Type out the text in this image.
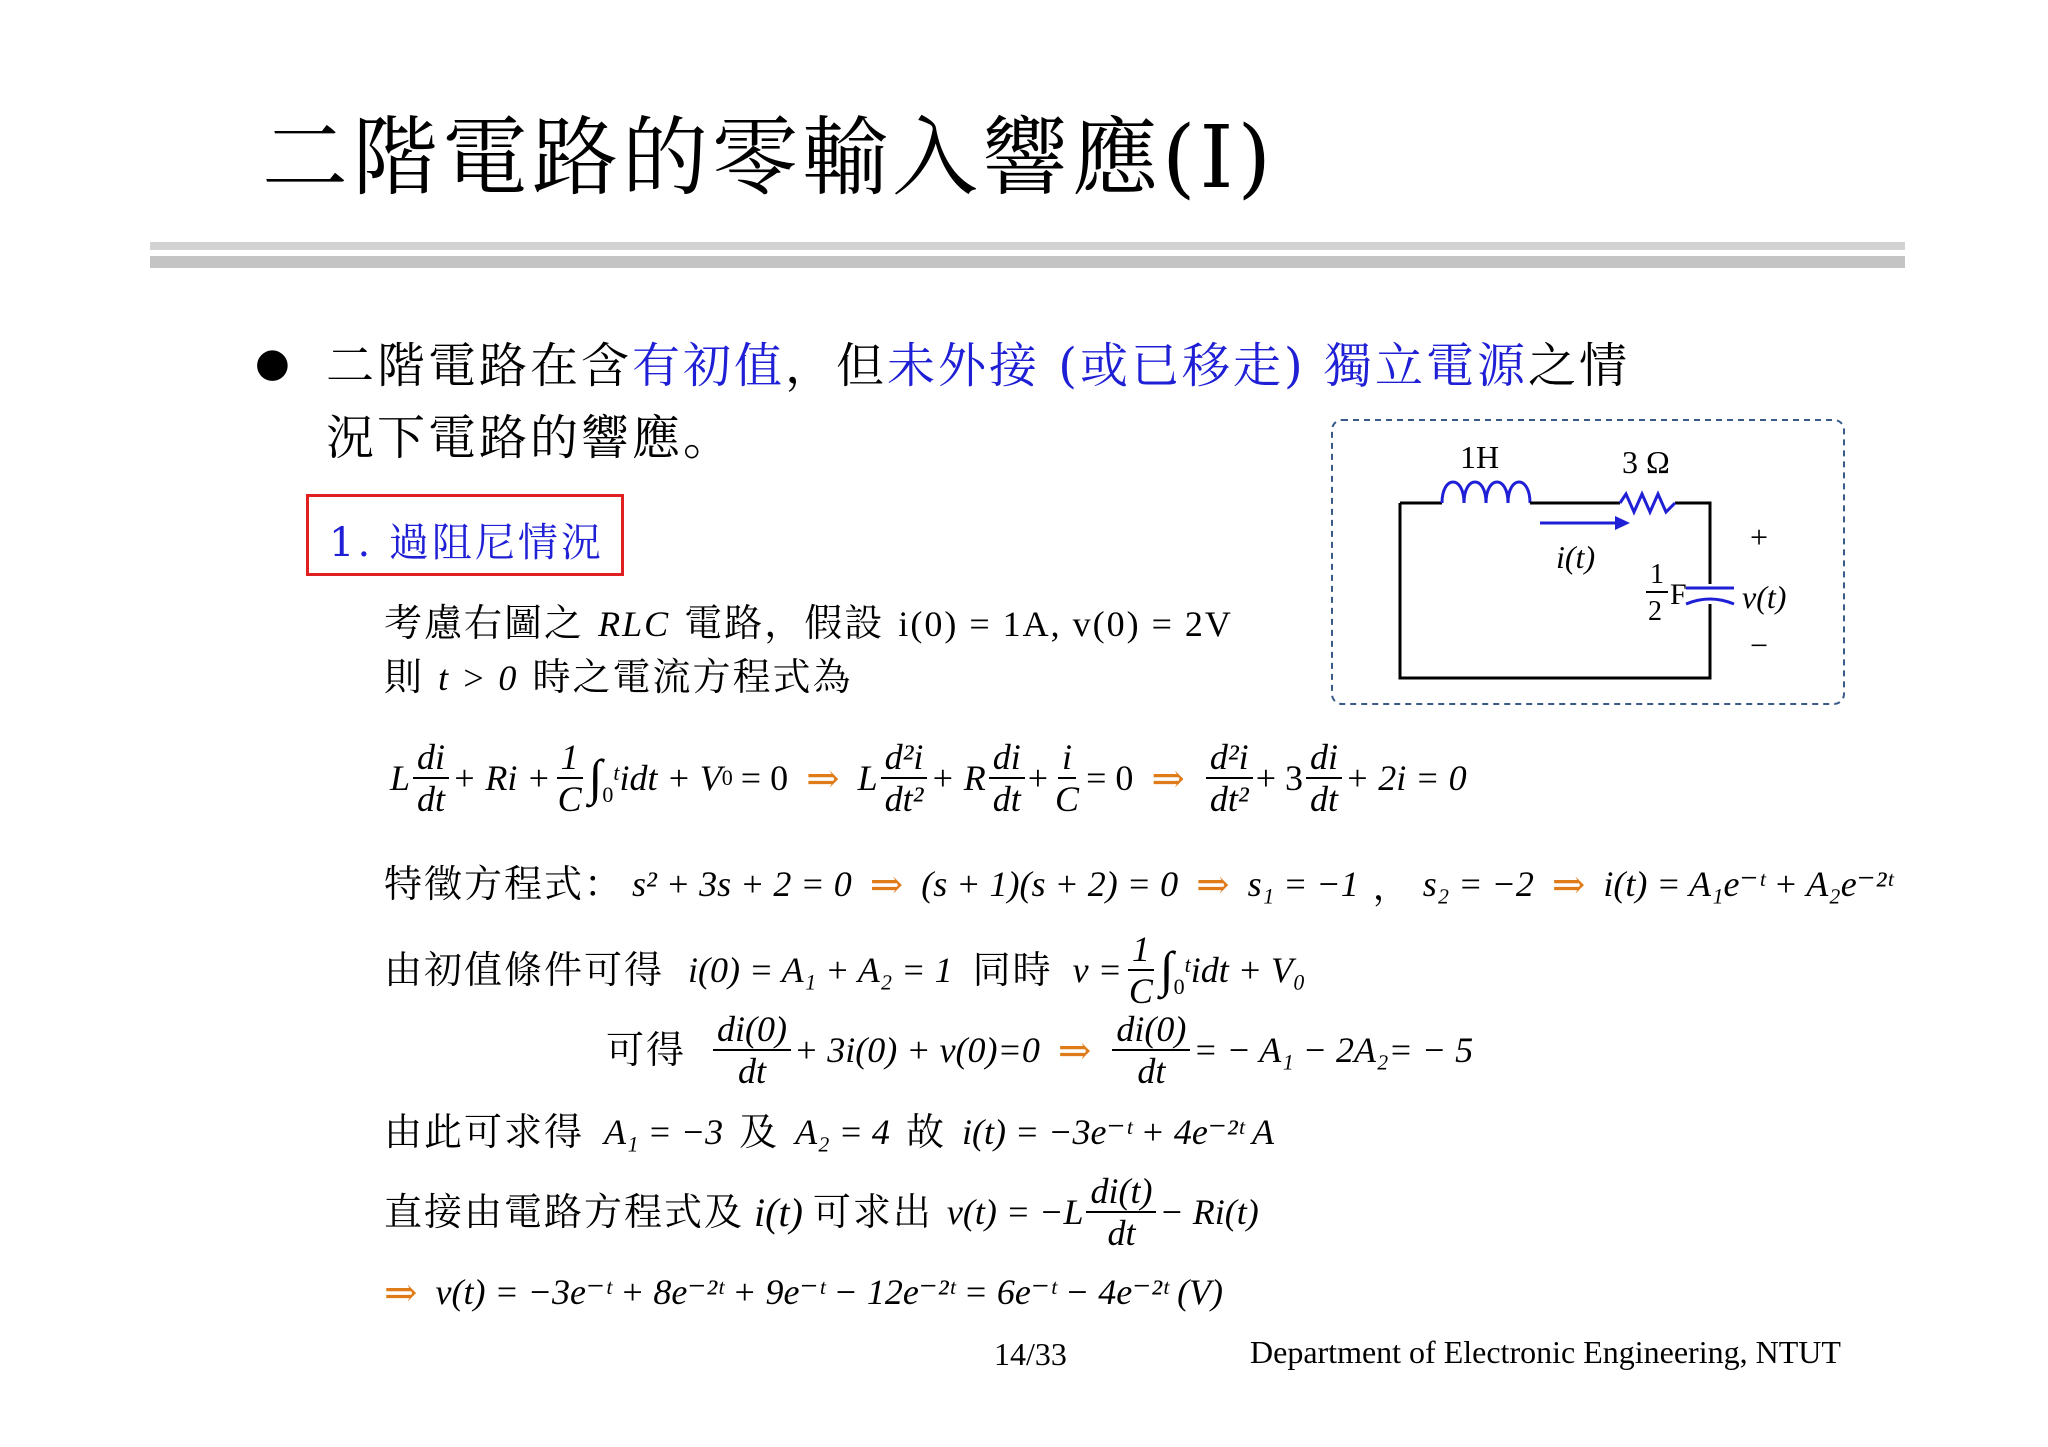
二階電路的零輸入響應(I)
● 二階電路在含有初值，但未外接 (或已移走) 獨立電源之情
況下電路的響應。
1. 過阻尼情況
考慮右圖之 RLC 電路，假設 i(0) = 1A, v(0) = 2V
則 t > 0 時之電流方程式為
L $\frac{di}{dt} + Ri + \frac{1}{C} \int_0^t$ idt + V 0 = 0 ⇒ L $\frac{\text{d²i}}{\text{dt²}} + R \frac{di}{dt} + \frac{i}{C} = 0$ ⇒ $\frac{\text{d²i}}{\text{dt²}} + 3 \frac{di}{dt} + 2i = 0$
特徵方程式： s² + 3s + 2 = 0 ⇒ (s + 1)(s + 2) = 0 ⇒ s₁ = −1 ， s₂ = −2 ⇒ i(t) = A₁e⁻ᵗ + A₂e⁻²ᵗ
由初值條件可得 i(0) = A₁ + A₂ = 1 同時 $v = \frac{1}{C} \int_0^t$ idt + V₀
可得 $\frac{di(0)}{dt} + 3i(0) + v(0)=0$ ⇒ $\frac{di(0)}{dt}$ = − A₁ − 2A₂= − 5
由此可求得 A₁ = −3 及 A₂ = 4 故 i(t) = −3e⁻ᵗ + 4e⁻²ᵗ A
直接由電路方程式及 i(t) 可求出 $v(t) = -L \frac{di(t)}{dt} - Ri(t)$
⇒ v(t) = −3e⁻ᵗ + 8e⁻²ᵗ + 9e⁻ᵗ − 12e⁻²ᵗ = 6e⁻ᵗ − 4e⁻²ᵗ (V)
1H	3 Ω
i(t) 1
2
F v(t)
+
−
14/33	Department of Electronic Engineering, NTUT
